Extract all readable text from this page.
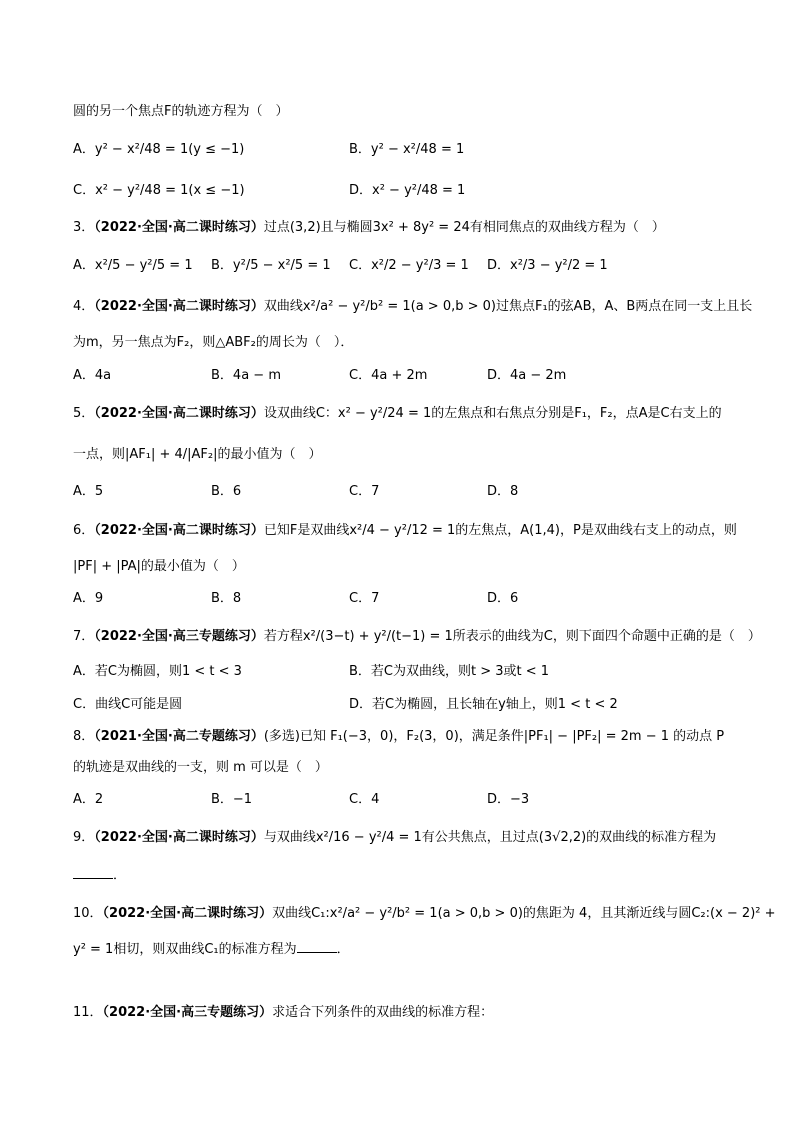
圆的另一个焦点F的轨迹方程为（　）
A．y² − x²/48 = 1(y ≤ −1)	B．y² − x²/48 = 1
C．x² − y²/48 = 1(x ≤ −1)	D．x² − y²/48 = 1
3．（2022·全国·高二课时练习）过点(3,2)且与椭圆3x² + 8y² = 24有相同焦点的双曲线方程为（　）
A．x²/5 − y²/5 = 1 B．y²/5 − x²/5 = 1 C．x²/2 − y²/3 = 1 D．x²/3 − y²/2 = 1
4．（2022·全国·高二课时练习）双曲线x²/a² − y²/b² = 1(a > 0,b > 0)过焦点F₁的弦AB，A、B两点在同一支上且长
为m，另一焦点为F₂，则△ABF₂的周长为（　）．
A．4a	B．4a − m	C．4a + 2m	D．4a − 2m
5．（2022·全国·高二课时练习）设双曲线C：x² − y²/24 = 1的左焦点和右焦点分别是F₁，F₂，点A是C右支上的
一点，则|AF₁| + 4/|AF₂|的最小值为（　）
A．5	B．6	C．7	D．8
6．（2022·全国·高二课时练习）已知F是双曲线x²/4 − y²/12 = 1的左焦点，A(1,4)，P是双曲线右支上的动点，则
|PF| + |PA|的最小值为（　）
A．9	B．8	C．7	D．6
7．（2022·全国·高三专题练习）若方程x²/(3−t) + y²/(t−1) = 1所表示的曲线为C，则下面四个命题中正确的是（　）
A．若C为椭圆，则1 < t < 3	B．若C为双曲线，则t > 3或t < 1
C．曲线C可能是圆	D．若C为椭圆，且长轴在y轴上，则1 < t < 2
8．（2021·全国·高二专题练习）(多选)已知 F₁(−3，0)，F₂(3，0)，满足条件|PF₁| − |PF₂| = 2m − 1 的动点 P
的轨迹是双曲线的一支，则 m 可以是（　）
A．2	B．−1	C．4	D．−3
9．（2022·全国·高二课时练习）与双曲线x²/16 − y²/4 = 1有公共焦点，且过点(3√2,2)的双曲线的标准方程为
．
10．（2022·全国·高二课时练习）双曲线C₁:x²/a² − y²/b² = 1(a > 0,b > 0)的焦距为 4，且其渐近线与圆C₂:(x − 2)² +
y² = 1相切，则双曲线C₁的标准方程为	．
11．（2022·全国·高三专题练习）求适合下列条件的双曲线的标准方程：
